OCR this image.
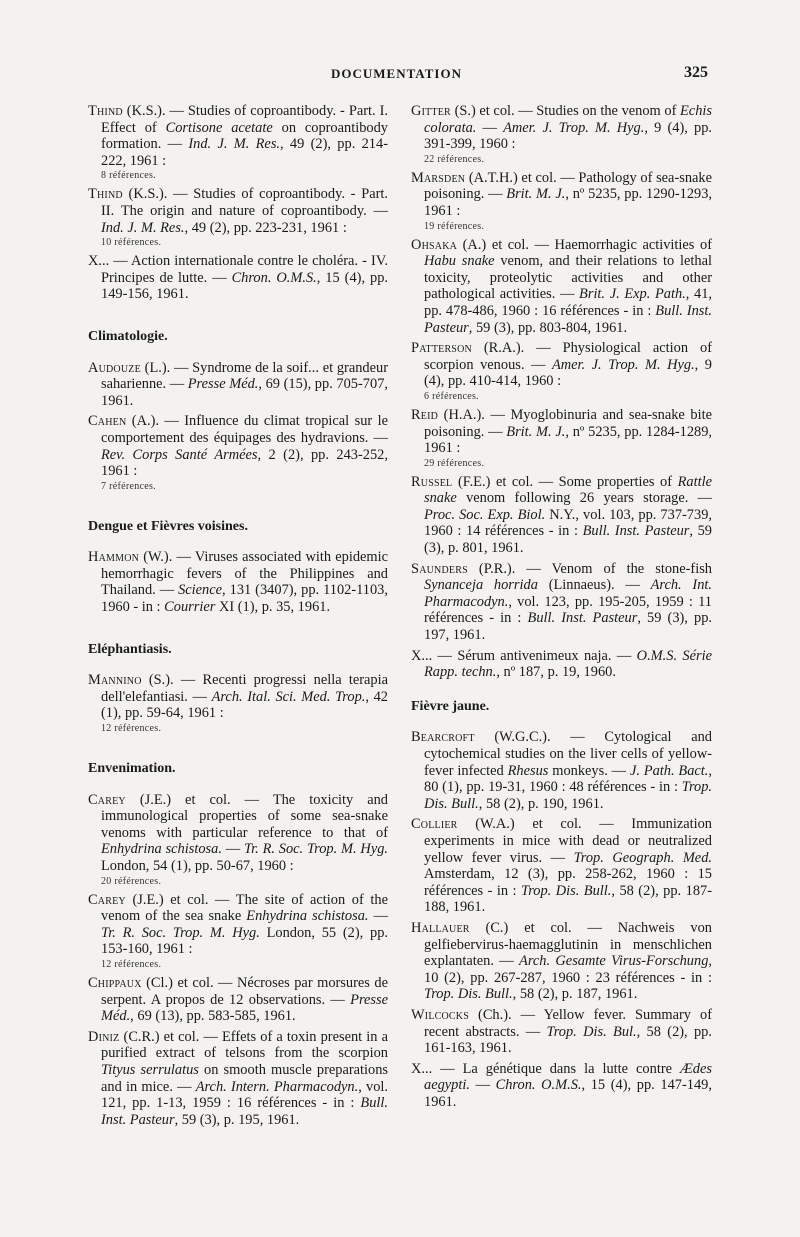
DOCUMENTATION	325

Thind (K.S.). — Studies of coproantibody. - Part. I. Effect of Cortisone acetate on coproantibody formation. — Ind. J. M. Res., 49 (2), pp. 214-222, 1961 :
8 références.

Thind (K.S.). — Studies of coproantibody. - Part. II. The origin and nature of coproantibody. — Ind. J. M. Res., 49 (2), pp. 223-231, 1961 :
10 références.

X... — Action internationale contre le choléra. - IV. Principes de lutte. — Chron. O.M.S., 15 (4), pp. 149-156, 1961.

Climatologie.

Audouze (L.). — Syndrome de la soif... et grandeur saharienne. — Presse Méd., 69 (15), pp. 705-707, 1961.

Cahen (A.). — Influence du climat tropical sur le comportement des équipages des hydravions. — Rev. Corps Santé Armées, 2 (2), pp. 243-252, 1961 :
7 références.

Dengue et Fièvres voisines.

Hammon (W.). — Viruses associated with epidemic hemorrhagic fevers of the Philippines and Thailand. — Science, 131 (3407), pp. 1102-1103, 1960 - in : Courrier XI (1), p. 35, 1961.

Eléphantiasis.

Mannino (S.). — Recenti progressi nella terapia dell'elefantiasi. — Arch. Ital. Sci. Med. Trop., 42 (1), pp. 59-64, 1961 :
12 références.

Envenimation.

Carey (J.E.) et col. — The toxicity and immunological properties of some sea-snake venoms with particular reference to that of Enhydrina schistosa. — Tr. R. Soc. Trop. M. Hyg. London, 54 (1), pp. 50-67, 1960 :
20 références.

Carey (J.E.) et col. — The site of action of the venom of the sea snake Enhydrina schistosa. — Tr. R. Soc. Trop. M. Hyg. London, 55 (2), pp. 153-160, 1961 :
12 références.

Chippaux (Cl.) et col. — Nécroses par morsures de serpent. A propos de 12 observations. — Presse Méd., 69 (13), pp. 583-585, 1961.

Diniz (C.R.) et col. — Effets of a toxin present in a purified extract of telsons from the scorpion Tityus serrulatus on smooth muscle preparations and in mice. — Arch. Intern. Pharmacodyn., vol. 121, pp. 1-13, 1959 : 16 références - in : Bull. Inst. Pasteur, 59 (3), p. 195, 1961.

Gitter (S.) et col. — Studies on the venom of Echis colorata. — Amer. J. Trop. M. Hyg., 9 (4), pp. 391-399, 1960 :
22 références.

Marsden (A.T.H.) et col. — Pathology of sea-snake poisoning. — Brit. M. J., nº 5235, pp. 1290-1293, 1961 :
19 références.

Ohsaka (A.) et col. — Haemorrhagic activities of Habu snake venom, and their relations to lethal toxicity, proteolytic activities and other pathological activities. — Brit. J. Exp. Path., 41, pp. 478-486, 1960 : 16 références - in : Bull. Inst. Pasteur, 59 (3), pp. 803-804, 1961.

Patterson (R.A.). — Physiological action of scorpion venous. — Amer. J. Trop. M. Hyg., 9 (4), pp. 410-414, 1960 :
6 références.

Reid (H.A.). — Myoglobinuria and sea-snake bite poisoning. — Brit. M. J., nº 5235, pp. 1284-1289, 1961 :
29 références.

Russel (F.E.) et col. — Some properties of Rattle snake venom following 26 years storage. — Proc. Soc. Exp. Biol. N.Y., vol. 103, pp. 737-739, 1960 : 14 références - in : Bull. Inst. Pasteur, 59 (3), p. 801, 1961.

Saunders (P.R.). — Venom of the stone-fish Synanceja horrida (Linnaeus). — Arch. Int. Pharmacodyn., vol. 123, pp. 195-205, 1959 : 11 références - in : Bull. Inst. Pasteur, 59 (3), pp. 197, 1961.

X... — Sérum antivenimeux naja. — O.M.S. Série Rapp. techn., nº 187, p. 19, 1960.

Fièvre jaune.

Bearcroft (W.G.C.). — Cytological and cytochemical studies on the liver cells of yellow-fever infected Rhesus monkeys. — J. Path. Bact., 80 (1), pp. 19-31, 1960 : 48 références - in : Trop. Dis. Bull., 58 (2), p. 190, 1961.

Collier (W.A.) et col. — Immunization experiments in mice with dead or neutralized yellow fever virus. — Trop. Geograph. Med. Amsterdam, 12 (3), pp. 258-262, 1960 : 15 références - in : Trop. Dis. Bull., 58 (2), pp. 187-188, 1961.

Hallauer (C.) et col. — Nachweis von gelfiebervirus-haemagglutinin in menschlichen explantaten. — Arch. Gesamte Virus-Forschung, 10 (2), pp. 267-287, 1960 : 23 références - in : Trop. Dis. Bull., 58 (2), p. 187, 1961.

Wilcocks (Ch.). — Yellow fever. Summary of recent abstracts. — Trop. Dis. Bul., 58 (2), pp. 161-163, 1961.

X... — La génétique dans la lutte contre Ædes aegypti. — Chron. O.M.S., 15 (4), pp. 147-149, 1961.
